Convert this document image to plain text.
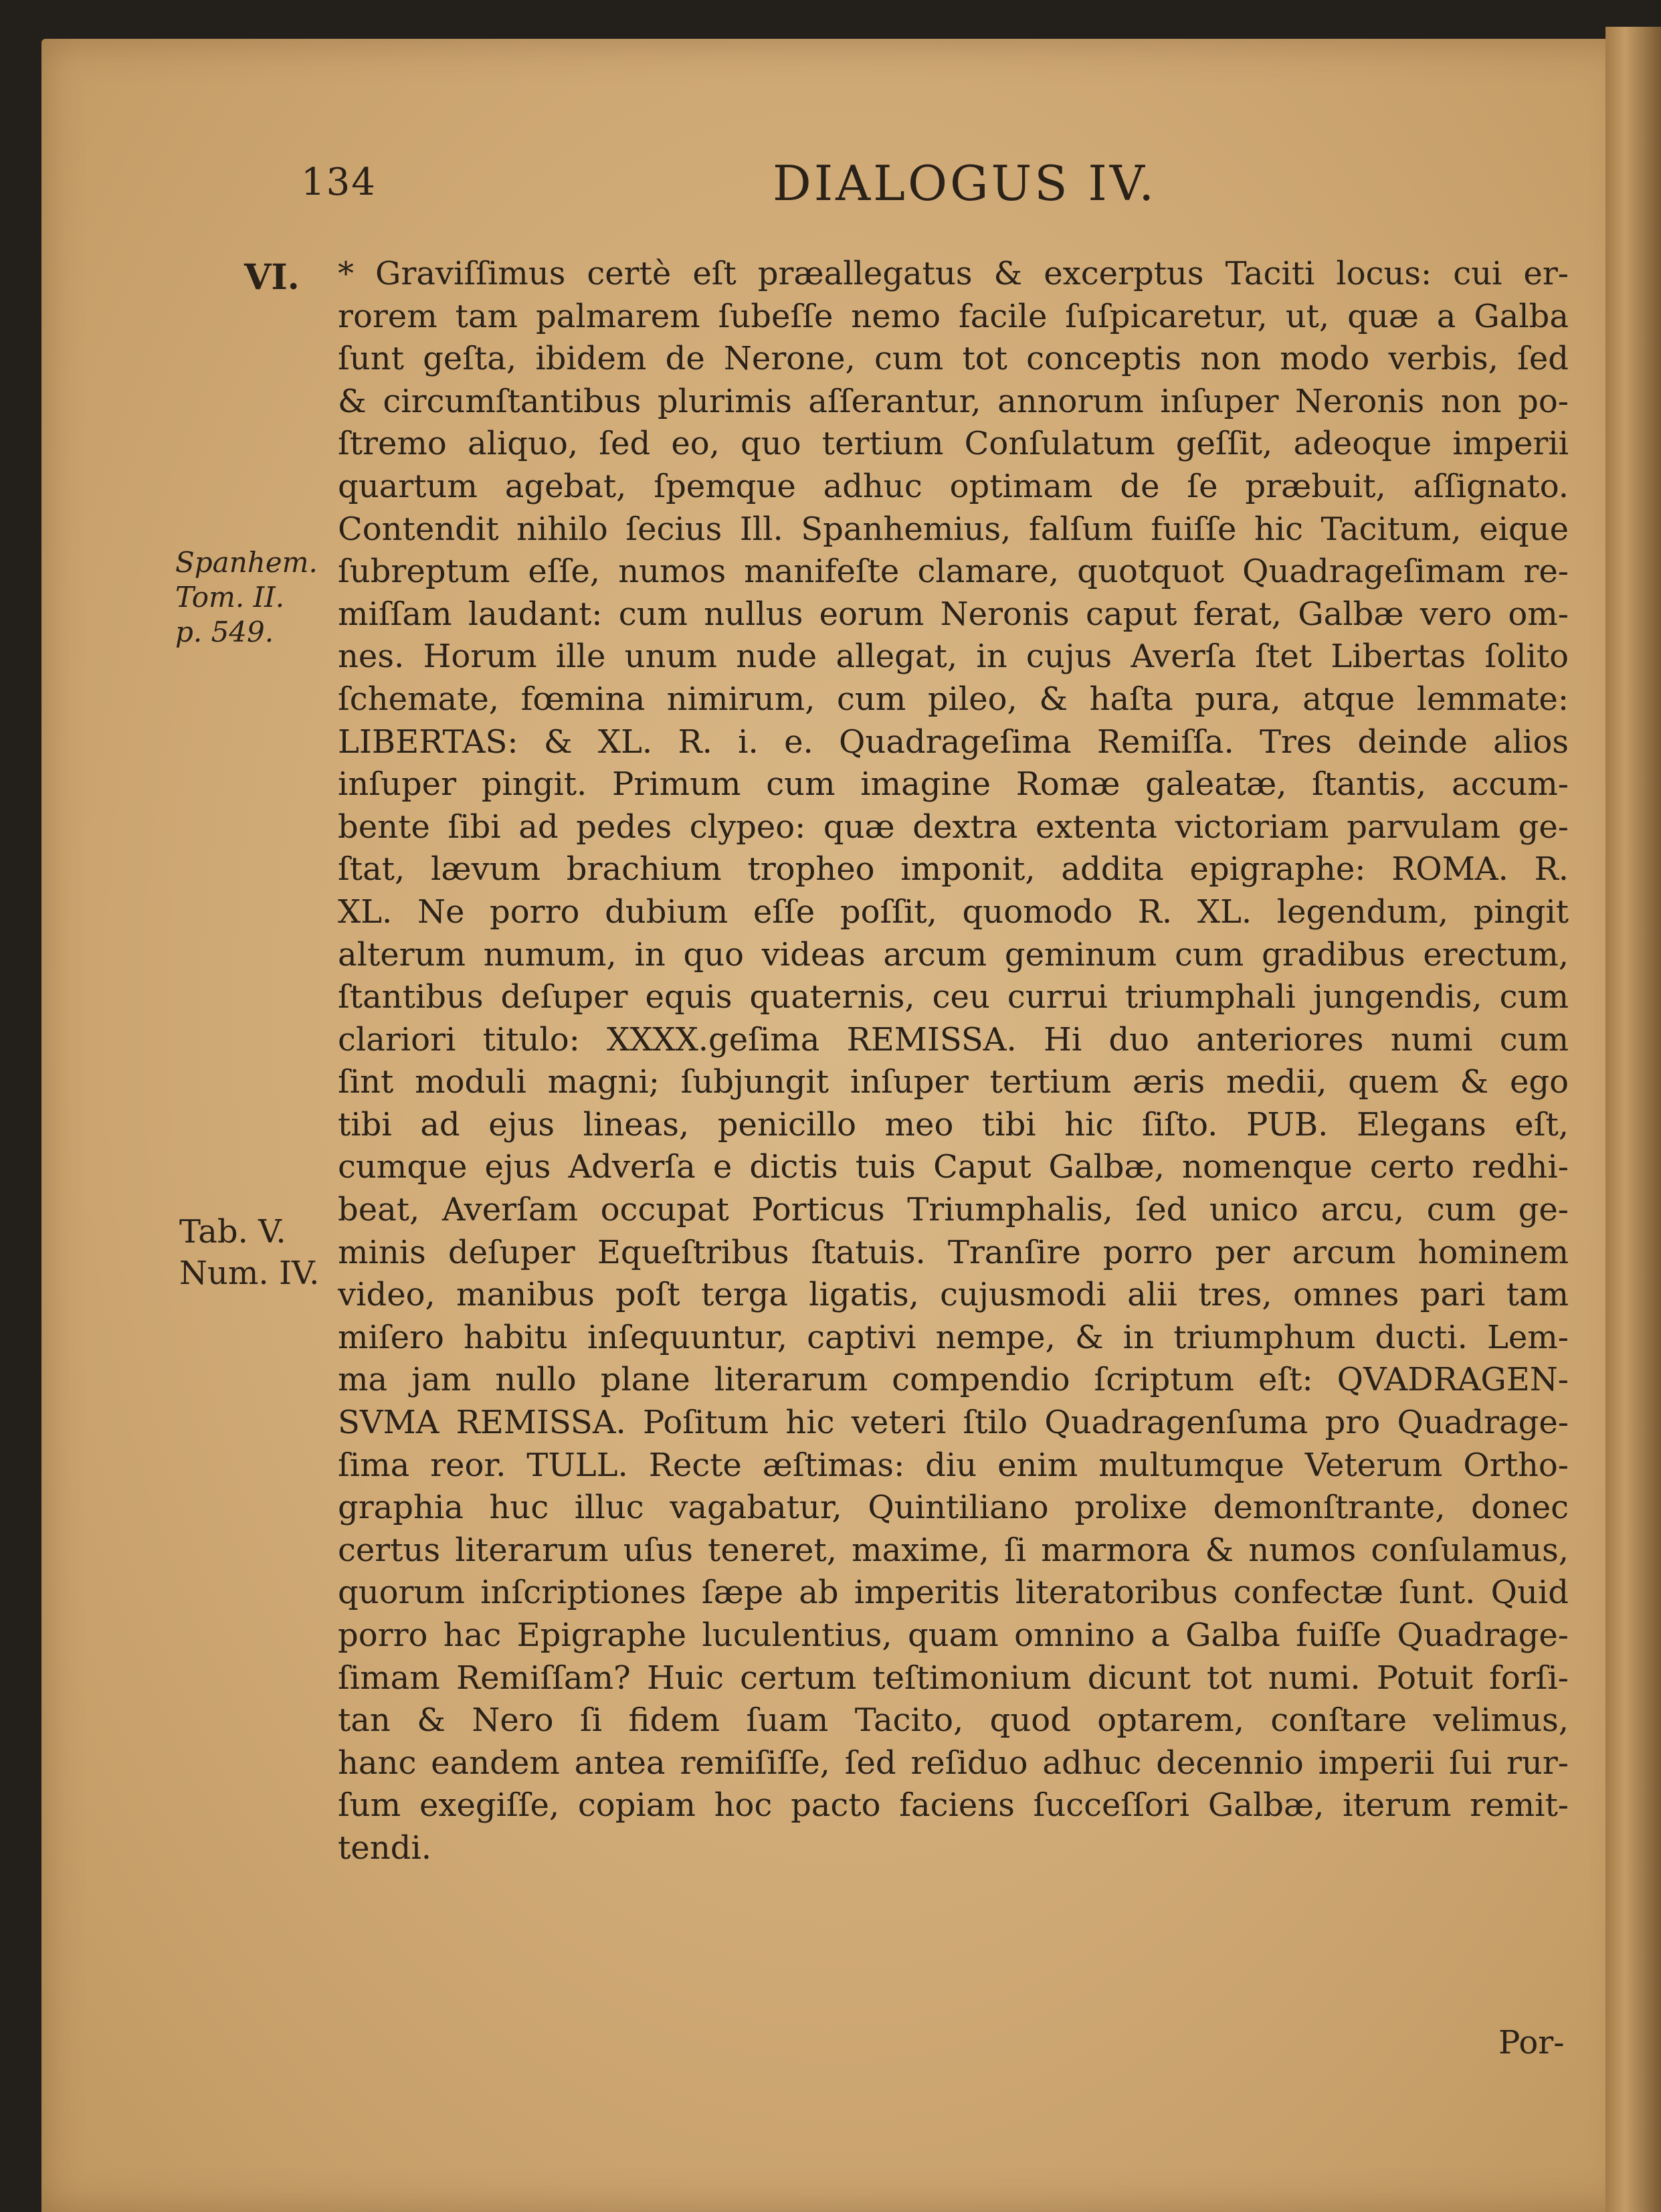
134	DIALOGUS IV.
VI.
Spanhem.
Tom. II.
p. 549.
Tab. V.
Num. IV.
* Graviſſimus certè eſt præallegatus & excerptus Taciti locus: cui er-
rorem tam palmarem ſubeſſe nemo facile ſuſpicaretur, ut, quæ a Galba
ſunt geſta, ibidem de Nerone, cum tot conceptis non modo verbis, ſed
& circumſtantibus plurimis aſſerantur, annorum inſuper Neronis non po-
ſtremo aliquo, ſed eo, quo tertium Conſulatum geſſit, adeoque imperii
quartum agebat, ſpemque adhuc optimam de ſe præbuit, aſſignato.
Contendit nihilo ſecius Ill. Spanhemius, falſum fuiſſe hic Tacitum, eique
ſubreptum eſſe, numos manifeſte clamare, quotquot Quadrageſimam re-
miſſam laudant: cum nullus eorum Neronis caput ferat, Galbæ vero om-
nes. Horum ille unum nude allegat, in cujus Averſa ſtet Libertas ſolito
ſchemate, fœmina nimirum, cum pileo, & haſta pura, atque lemmate:
LIBERTAS: & XL. R. i. e. Quadrageſima Remiſſa. Tres deinde alios
inſuper pingit. Primum cum imagine Romæ galeatæ, ſtantis, accum-
bente ſibi ad pedes clypeo: quæ dextra extenta victoriam parvulam ge-
ſtat, lævum brachium tropheo imponit, addita epigraphe: ROMA. R.
XL. Ne porro dubium eſſe poſſit, quomodo R. XL. legendum, pingit
alterum numum, in quo videas arcum geminum cum gradibus erectum,
ſtantibus deſuper equis quaternis, ceu currui triumphali jungendis, cum
clariori titulo: XXXX.geſima REMISSA. Hi duo anteriores numi cum
ſint moduli magni; ſubjungit inſuper tertium æris medii, quem & ego
tibi ad ejus lineas, penicillo meo tibi hic ſiſto. PUB. Elegans eſt,
cumque ejus Adverſa e dictis tuis Caput Galbæ, nomenque certo redhi-
beat, Averſam occupat Porticus Triumphalis, ſed unico arcu, cum ge-
minis deſuper Equeſtribus ſtatuis. Tranſire porro per arcum hominem
video, manibus poſt terga ligatis, cujusmodi alii tres, omnes pari tam
miſero habitu inſequuntur, captivi nempe, & in triumphum ducti. Lem-
ma jam nullo plane literarum compendio ſcriptum eſt: QVADRAGEN-
SVMA REMISSA. Poſitum hic veteri ſtilo Quadragenſuma pro Quadrage-
ſima reor. TULL. Recte æſtimas: diu enim multumque Veterum Ortho-
graphia huc illuc vagabatur, Quintiliano prolixe demonſtrante, donec
certus literarum uſus teneret, maxime, ſi marmora & numos conſulamus,
quorum inſcriptiones ſæpe ab imperitis literatoribus confectæ ſunt. Quid
porro hac Epigraphe luculentius, quam omnino a Galba fuiſſe Quadrage-
ſimam Remiſſam? Huic certum teſtimonium dicunt tot numi. Potuit forſi-
tan & Nero ſi fidem ſuam Tacito, quod optarem, conſtare velimus,
hanc eandem antea remiſiſſe, ſed reſiduo adhuc decennio imperii ſui rur-
ſum exegiſſe, copiam hoc pacto faciens ſucceſſori Galbæ, iterum remit-
tendi.
Por-
